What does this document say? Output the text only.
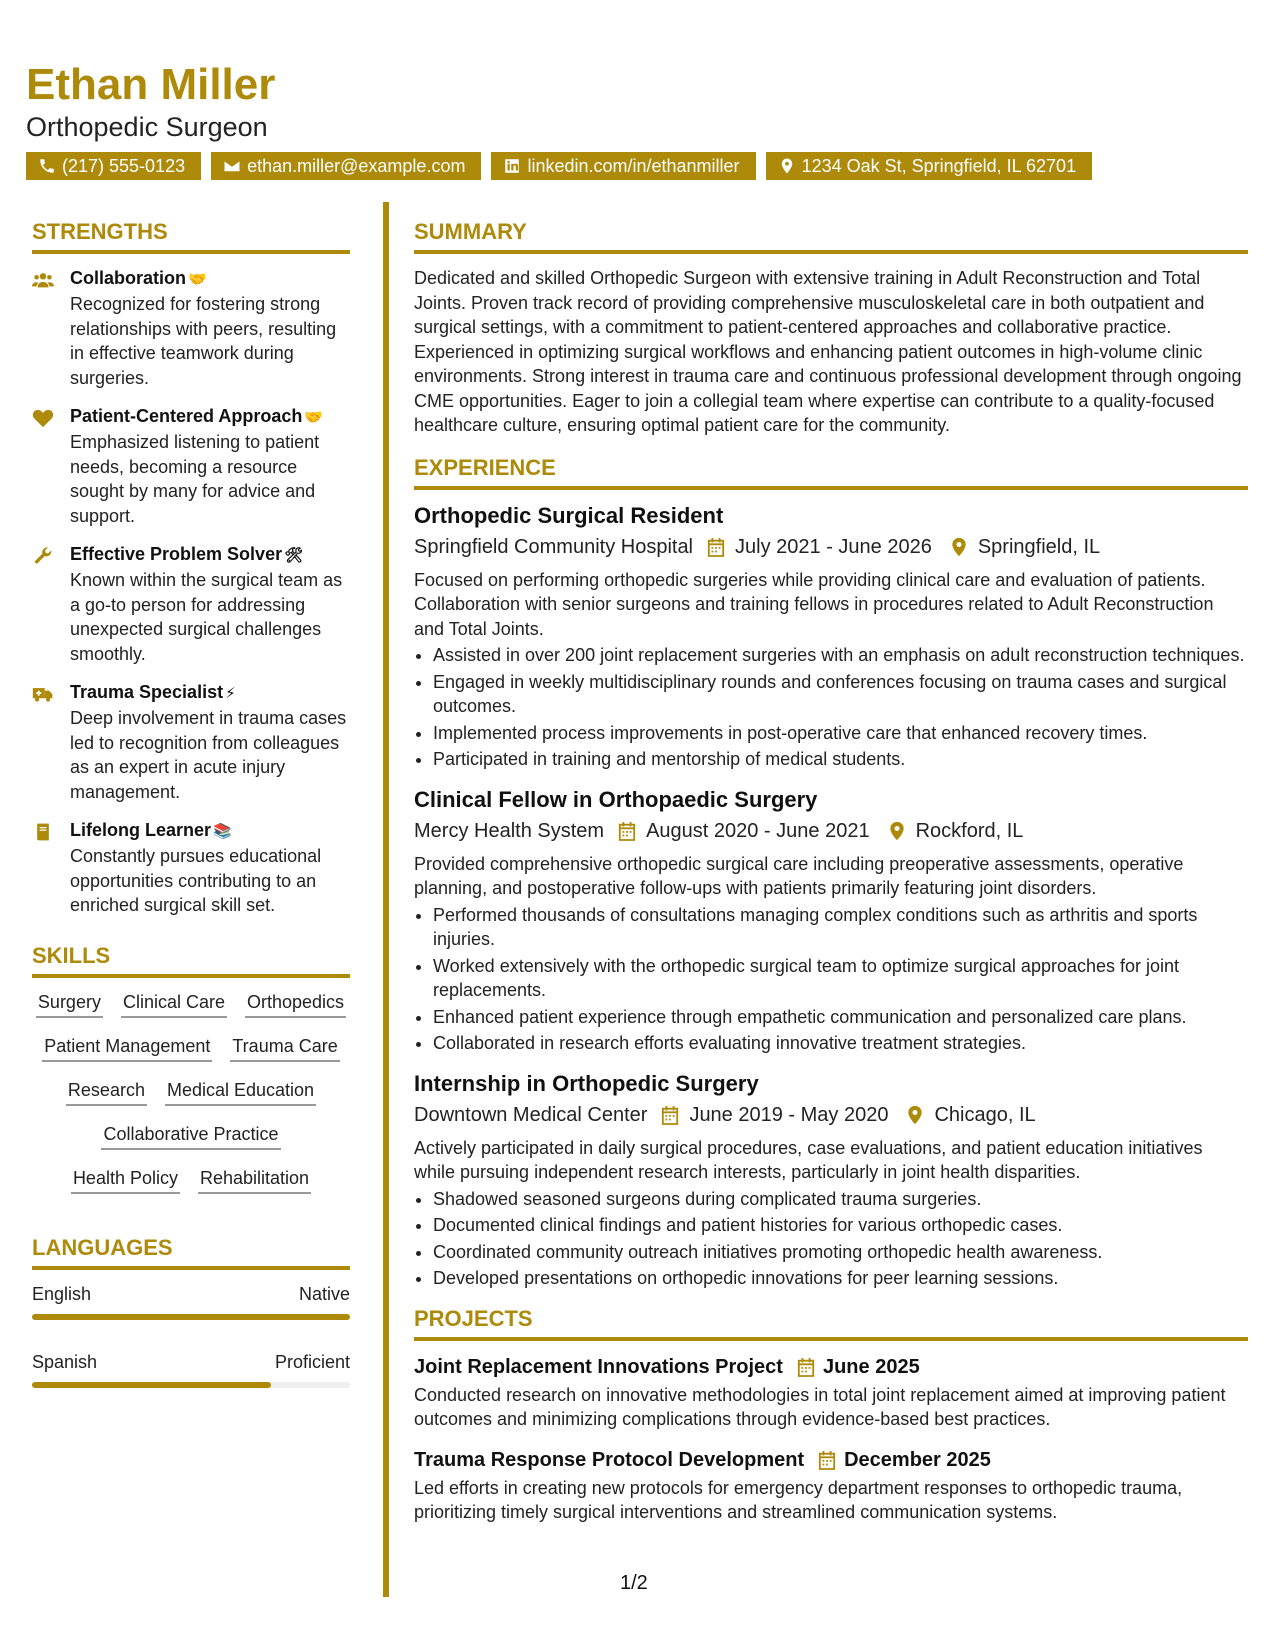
Ethan Miller
Orthopedic Surgeon
(217) 555-0123	ethan.miller@example.com	linkedin.com/in/ethanmiller	1234 Oak St, Springfield, IL 62701
STRENGTHS
Collaboration 🤝
Recognized for fostering strong relationships with peers, resulting in effective teamwork during surgeries.
Patient-Centered Approach 🤝
Emphasized listening to patient needs, becoming a resource sought by many for advice and support.
Effective Problem Solver 🛠
Known within the surgical team as a go-to person for addressing unexpected surgical challenges smoothly.
Trauma Specialist ⚡
Deep involvement in trauma cases led to recognition from colleagues as an expert in acute injury management.
Lifelong Learner 📚
Constantly pursues educational opportunities contributing to an enriched surgical skill set.
SKILLS
Surgery Clinical Care Orthopedics
Patient Management Trauma Care
Research Medical Education
Collaborative Practice
Health Policy Rehabilitation
LANGUAGES
English	Native
Spanish	Proficient
SUMMARY

Dedicated and skilled Orthopedic Surgeon with extensive training in Adult Reconstruction and Total Joints. Proven track record of providing comprehensive musculoskeletal care in both outpatient and surgical settings, with a commitment to patient-centered approaches and collaborative practice. Experienced in optimizing surgical workflows and enhancing patient outcomes in high-volume clinic environments. Strong interest in trauma care and continuous professional development through ongoing CME opportunities. Eager to join a collegial team where expertise can contribute to a quality-focused healthcare culture, ensuring optimal patient care for the community.

EXPERIENCE
Orthopedic Surgical Resident
Springfield Community Hospital July 2021 - June 2026 Springfield, IL
Focused on performing orthopedic surgeries while providing clinical care and evaluation of patients. Collaboration with senior surgeons and training fellows in procedures related to Adult Reconstruction and Total Joints.
• Assisted in over 200 joint replacement surgeries with an emphasis on adult reconstruction techniques.
• Engaged in weekly multidisciplinary rounds and conferences focusing on trauma cases and surgical outcomes.
• Implemented process improvements in post-operative care that enhanced recovery times.
• Participated in training and mentorship of medical students.
Clinical Fellow in Orthopaedic Surgery
Mercy Health System August 2020 - June 2021 Rockford, IL
Provided comprehensive orthopedic surgical care including preoperative assessments, operative planning, and postoperative follow-ups with patients primarily featuring joint disorders.
• Performed thousands of consultations managing complex conditions such as arthritis and sports injuries.
• Worked extensively with the orthopedic surgical team to optimize surgical approaches for joint replacements.
• Enhanced patient experience through empathetic communication and personalized care plans.
• Collaborated in research efforts evaluating innovative treatment strategies.
Internship in Orthopedic Surgery
Downtown Medical Center June 2019 - May 2020 Chicago, IL
Actively participated in daily surgical procedures, case evaluations, and patient education initiatives while pursuing independent research interests, particularly in joint health disparities.
• Shadowed seasoned surgeons during complicated trauma surgeries.
• Documented clinical findings and patient histories for various orthopedic cases.
• Coordinated community outreach initiatives promoting orthopedic health awareness.
• Developed presentations on orthopedic innovations for peer learning sessions.
PROJECTS
Joint Replacement Innovations Project June 2025
Conducted research on innovative methodologies in total joint replacement aimed at improving patient outcomes and minimizing complications through evidence-based best practices.
Trauma Response Protocol Development December 2025
Led efforts in creating new protocols for emergency department responses to orthopedic trauma, prioritizing timely surgical interventions and streamlined communication systems.
1/2
